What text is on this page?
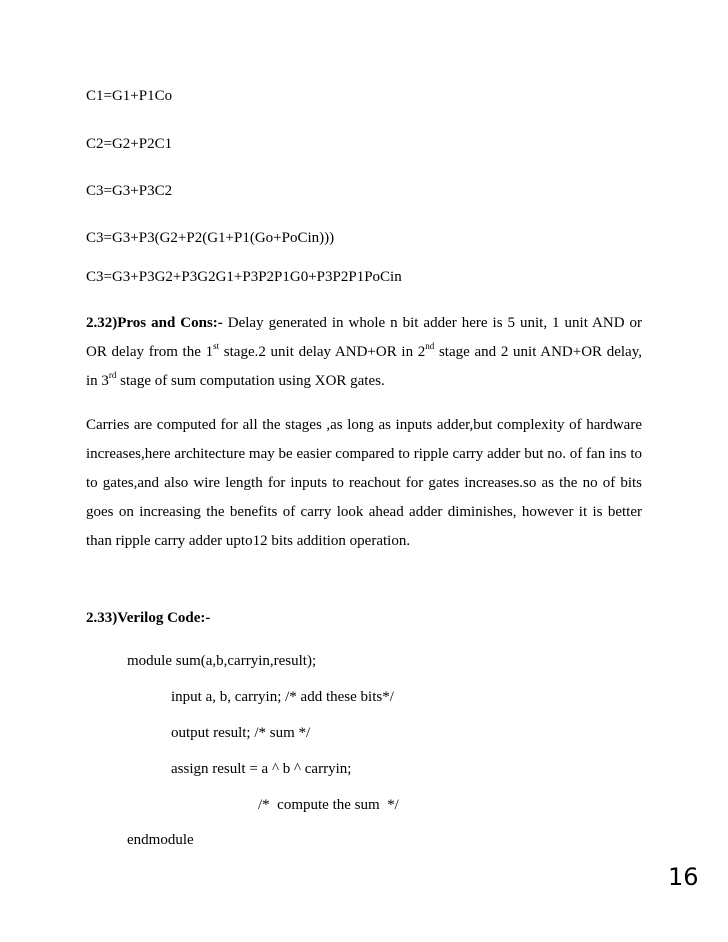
C1=G1+P1Co
C2=G2+P2C1
C3=G3+P3C2
C3=G3+P3(G2+P2(G1+P1(Go+PoCin)))
C3=G3+P3G2+P3G2G1+P3P2P1G0+P3P2P1PoCin
2.32)Pros and Cons:- Delay generated in whole n bit adder here is 5 unit, 1 unit AND or OR delay from the 1st stage.2 unit delay AND+OR in 2nd stage and 2 unit AND+OR delay, in 3rd stage of sum computation using XOR gates.
Carries are computed for all the stages ,as long as inputs adder,but complexity of hardware increases,here architecture may be easier compared to ripple carry adder but no. of fan ins to to gates,and also wire length for inputs to reachout for gates increases.so as the no of bits goes on increasing the benefits of carry look ahead adder diminishes, however it is better than ripple carry adder upto12 bits addition operation.
2.33)Verilog Code:-
module sum(a,b,carryin,result);
input a, b, carryin; /* add these bits*/
output result; /* sum */
assign result = a ^ b ^ carryin;
/*  compute the sum  */
endmodule
16
